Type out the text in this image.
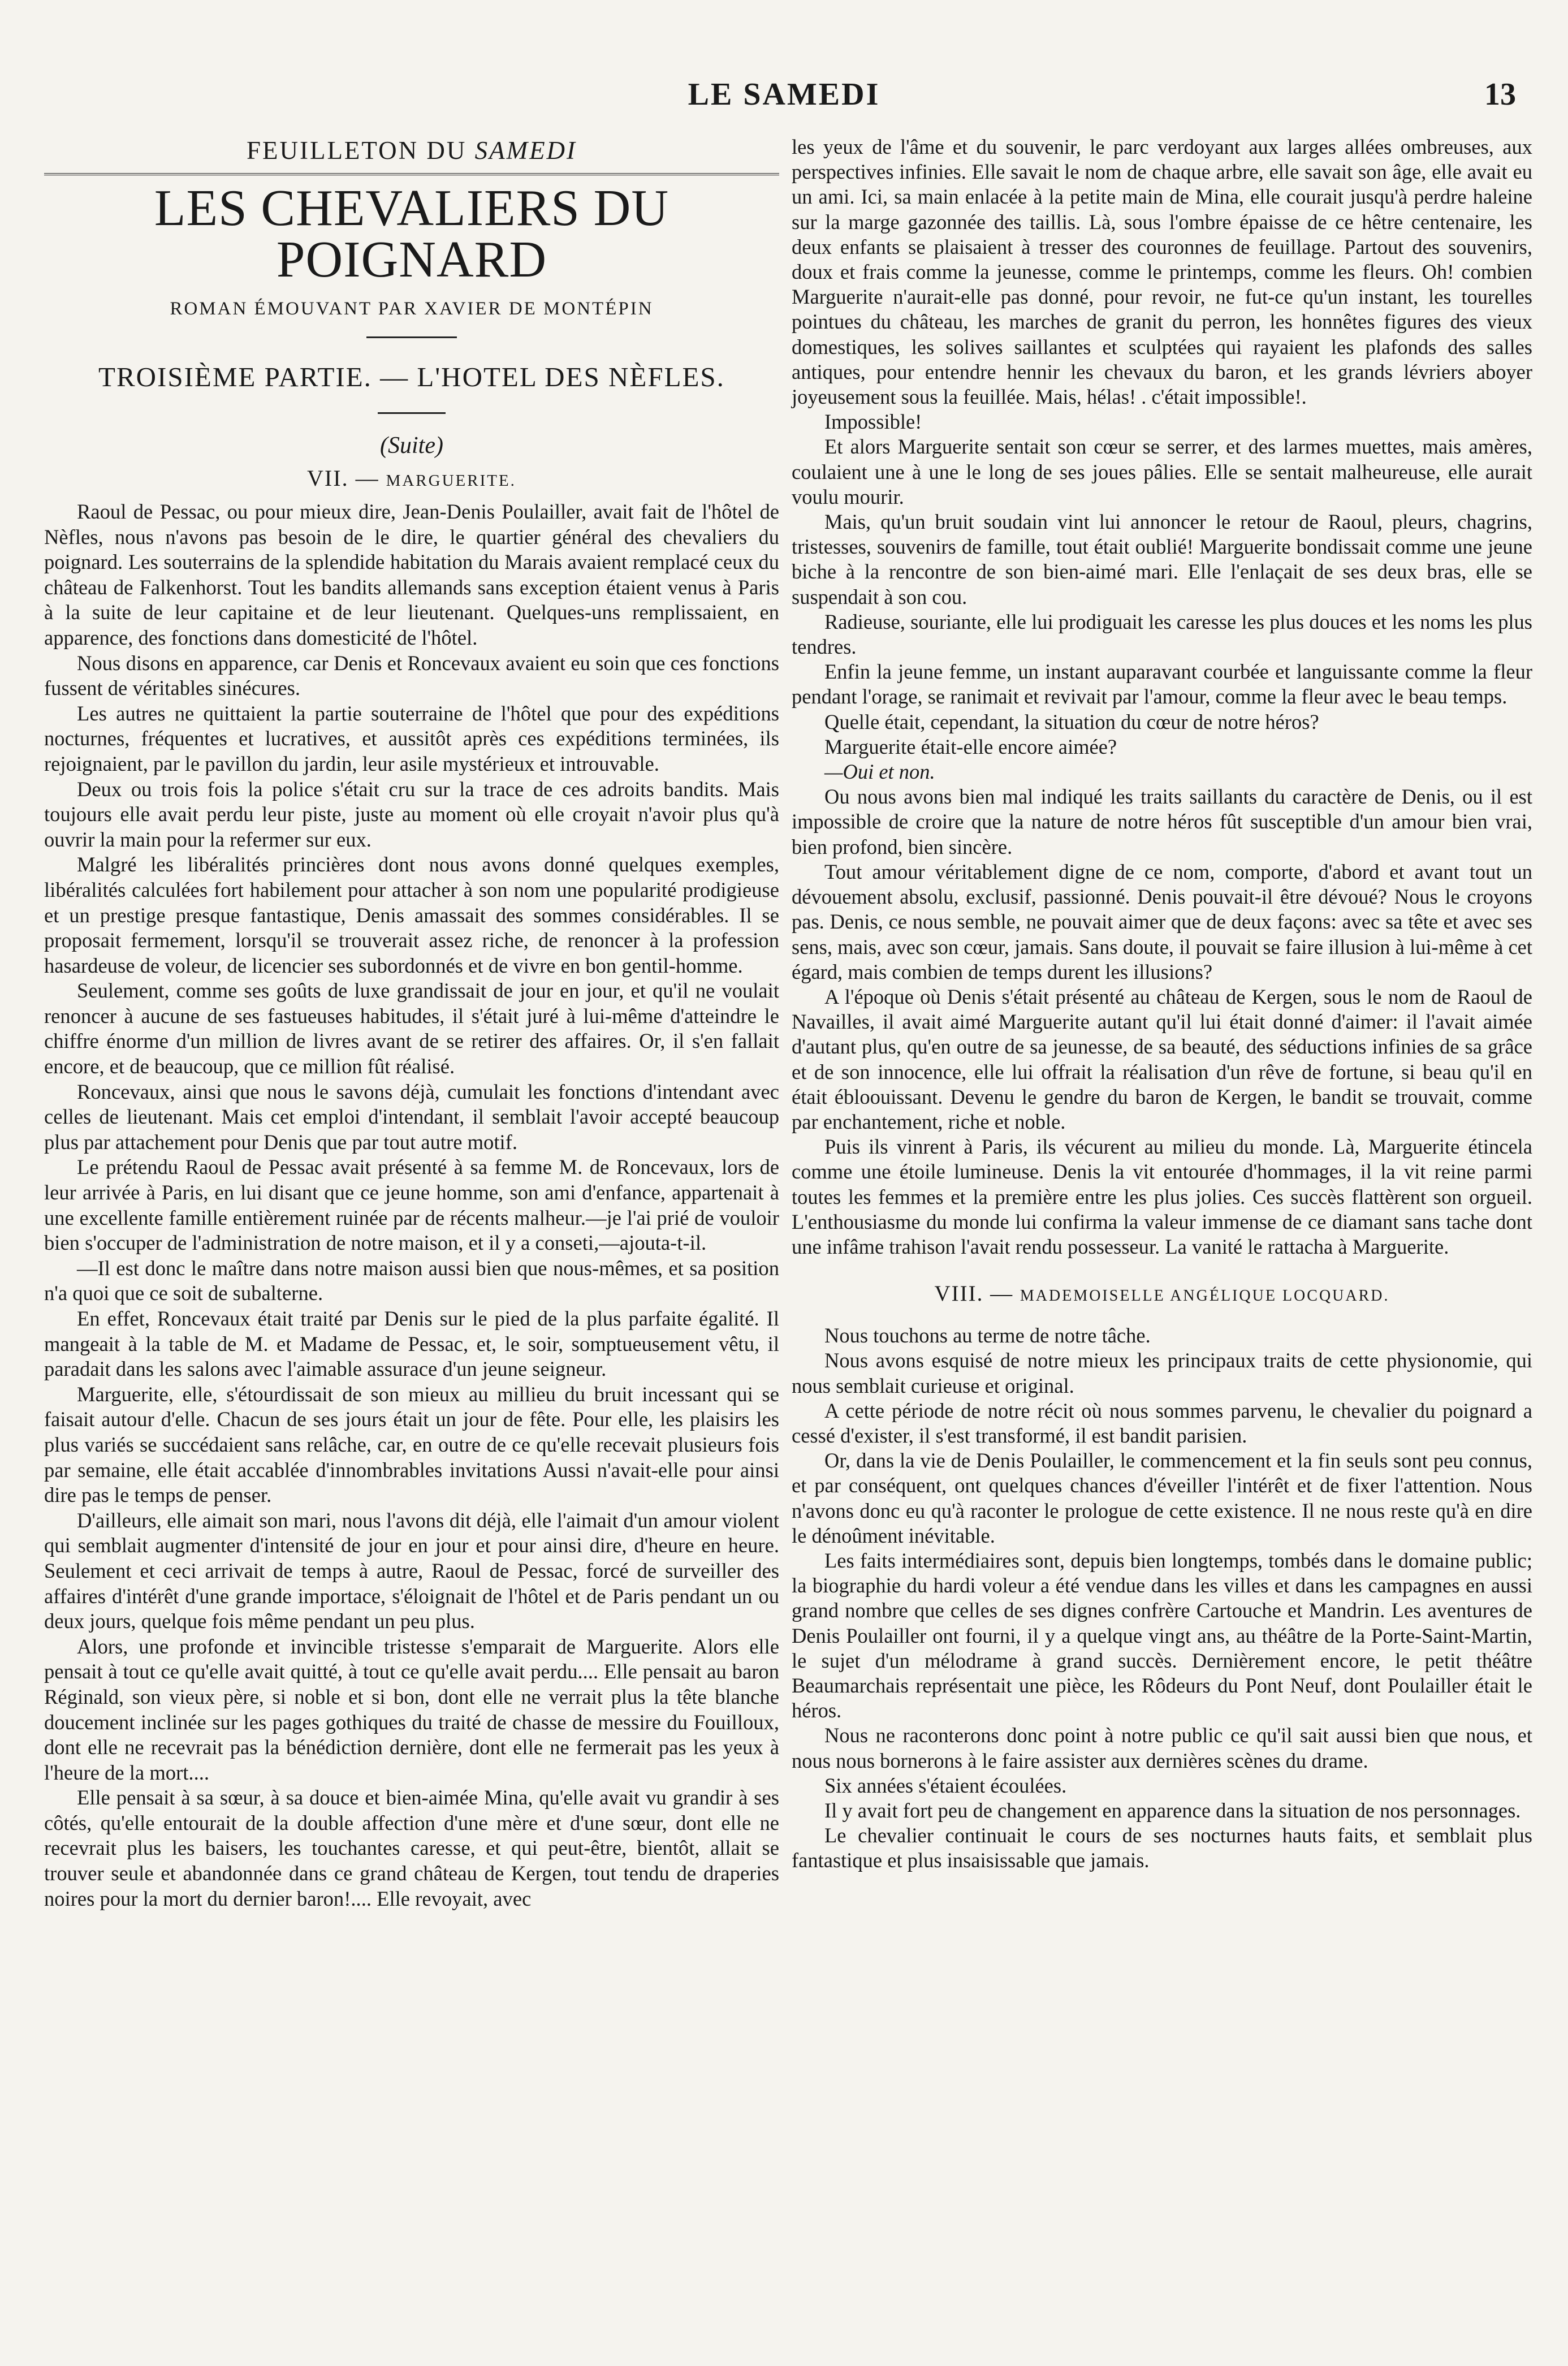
LE SAMEDI	13
FEUILLETON DU SAMEDI
LES CHEVALIERS DU POIGNARD
ROMAN ÉMOUVANT PAR XAVIER DE MONTÉPIN
TROISIÈME PARTIE. — L'HOTEL DES NÈFLES.
(Suite)
VII. — MARGUERITE.

Raoul de Pessac, ou pour mieux dire, Jean-Denis Poulailler, avait fait de l'hôtel de Nèfles, nous n'avons pas besoin de le dire, le quartier général des chevaliers du poignard. Les souterrains de la splendide habitation du Marais avaient remplacé ceux du château de Falkenhorst. Tout les bandits allemands sans exception étaient venus à Paris à la suite de leur capitaine et de leur lieutenant. Quelques-uns remplissaient, en apparence, des fonctions dans domesticité de l'hôtel.

Nous disons en apparence, car Denis et Roncevaux avaient eu soin que ces fonctions fussent de véritables sinécures.

Les autres ne quittaient la partie souterraine de l'hôtel que pour des expéditions nocturnes, fréquentes et lucratives, et aussitôt après ces expéditions terminées, ils rejoignaient, par le pavillon du jardin, leur asile mystérieux et introuvable.

Deux ou trois fois la police s'était cru sur la trace de ces adroits bandits. Mais toujours elle avait perdu leur piste, juste au moment où elle croyait n'avoir plus qu'à ouvrir la main pour la refermer sur eux.

Malgré les libéralités princières dont nous avons donné quelques exemples, libéralités calculées fort habilement pour attacher à son nom une popularité prodigieuse et un prestige presque fantastique, Denis amassait des sommes considérables. Il se proposait fermement, lorsqu'il se trouverait assez riche, de renoncer à la profession hasardeuse de voleur, de licencier ses subordonnés et de vivre en bon gentil-homme.

Seulement, comme ses goûts de luxe grandissait de jour en jour, et qu'il ne voulait renoncer à aucune de ses fastueuses habitudes, il s'était juré à lui-même d'atteindre le chiffre énorme d'un million de livres avant de se retirer des affaires. Or, il s'en fallait encore, et de beaucoup, que ce million fût réalisé.

Roncevaux, ainsi que nous le savons déjà, cumulait les fonctions d'intendant avec celles de lieutenant. Mais cet emploi d'intendant, il semblait l'avoir accepté beaucoup plus par attachement pour Denis que par tout autre motif.

Le prétendu Raoul de Pessac avait présenté à sa femme M. de Roncevaux, lors de leur arrivée à Paris, en lui disant que ce jeune homme, son ami d'enfance, appartenait à une excellente famille entièrement ruinée par de récents malheur.—je l'ai prié de vouloir bien s'occuper de l'administration de notre maison, et il y a conseti,—ajouta-t-il.

—Il est donc le maître dans notre maison aussi bien que nous-mêmes, et sa position n'a quoi que ce soit de subalterne.

En effet, Roncevaux était traité par Denis sur le pied de la plus parfaite égalité. Il mangeait à la table de M. et Madame de Pessac, et, le soir, somptueusement vêtu, il paradait dans les salons avec l'aimable assurace d'un jeune seigneur.

Marguerite, elle, s'étourdissait de son mieux au millieu du bruit incessant qui se faisait autour d'elle. Chacun de ses jours était un jour de fête. Pour elle, les plaisirs les plus variés se succédaient sans relâche, car, en outre de ce qu'elle recevait plusieurs fois par semaine, elle était accablée d'innombrables invitations Aussi n'avait-elle pour ainsi dire pas le temps de penser.

D'ailleurs, elle aimait son mari, nous l'avons dit déjà, elle l'aimait d'un amour violent qui semblait augmenter d'intensité de jour en jour et pour ainsi dire, d'heure en heure. Seulement et ceci arrivait de temps à autre, Raoul de Pessac, forcé de surveiller des affaires d'intérêt d'une grande importace, s'éloignait de l'hôtel et de Paris pendant un ou deux jours, quelque fois même pendant un peu plus.

Alors, une profonde et invincible tristesse s'emparait de Marguerite. Alors elle pensait à tout ce qu'elle avait quitté, à tout ce qu'elle avait perdu.... Elle pensait au baron Réginald, son vieux père, si noble et si bon, dont elle ne verrait plus la tête blanche doucement inclinée sur les pages gothiques du traité de chasse de messire du Fouilloux, dont elle ne recevrait pas la bénédiction dernière, dont elle ne fermerait pas les yeux à l'heure de la mort....

Elle pensait à sa sœur, à sa douce et bien-aimée Mina, qu'elle avait vu grandir à ses côtés, qu'elle entourait de la double affection d'une mère et d'une sœur, dont elle ne recevrait plus les baisers, les touchantes caresse, et qui peut-être, bientôt, allait se trouver seule et abandonnée dans ce grand château de Kergen, tout tendu de draperies noires pour la mort du dernier baron!.... Elle revoyait, avec

les yeux de l'âme et du souvenir, le parc verdoyant aux larges allées ombreuses, aux perspectives infinies. Elle savait le nom de chaque arbre, elle savait son âge, elle avait eu un ami. Ici, sa main enlacée à la petite main de Mina, elle courait jusqu'à perdre haleine sur la marge gazonnée des taillis. Là, sous l'ombre épaisse de ce hêtre centenaire, les deux enfants se plaisaient à tresser des couronnes de feuillage. Partout des souvenirs, doux et frais comme la jeunesse, comme le printemps, comme les fleurs. Oh! combien Marguerite n'aurait-elle pas donné, pour revoir, ne fut-ce qu'un instant, les tourelles pointues du château, les marches de granit du perron, les honnêtes figures des vieux domestiques, les solives saillantes et sculptées qui rayaient les plafonds des salles antiques, pour entendre hennir les chevaux du baron, et les grands lévriers aboyer joyeusement sous la feuillée. Mais, hélas! . c'était impossible!.

Impossible!

Et alors Marguerite sentait son cœur se serrer, et des larmes muettes, mais amères, coulaient une à une le long de ses joues pâlies. Elle se sentait malheureuse, elle aurait voulu mourir.

Mais, qu'un bruit soudain vint lui annoncer le retour de Raoul, pleurs, chagrins, tristesses, souvenirs de famille, tout était oublié! Marguerite bondissait comme une jeune biche à la rencontre de son bien-aimé mari. Elle l'enlaçait de ses deux bras, elle se suspendait à son cou.

Radieuse, souriante, elle lui prodiguait les caresse les plus douces et les noms les plus tendres.

Enfin la jeune femme, un instant auparavant courbée et languissante comme la fleur pendant l'orage, se ranimait et revivait par l'amour, comme la fleur avec le beau temps.

Quelle était, cependant, la situation du cœur de notre héros?

Marguerite était-elle encore aimée?

—Oui et non.

Ou nous avons bien mal indiqué les traits saillants du caractère de Denis, ou il est impossible de croire que la nature de notre héros fût susceptible d'un amour bien vrai, bien profond, bien sincère.

Tout amour véritablement digne de ce nom, comporte, d'abord et avant tout un dévouement absolu, exclusif, passionné. Denis pouvait-il être dévoué? Nous le croyons pas. Denis, ce nous semble, ne pouvait aimer que de deux façons: avec sa tête et avec ses sens, mais, avec son cœur, jamais. Sans doute, il pouvait se faire illusion à lui-même à cet égard, mais combien de temps durent les illusions?

A l'époque où Denis s'était présenté au château de Kergen, sous le nom de Raoul de Navailles, il avait aimé Marguerite autant qu'il lui était donné d'aimer: il l'avait aimée d'autant plus, qu'en outre de sa jeunesse, de sa beauté, des séductions infinies de sa grâce et de son innocence, elle lui offrait la réalisation d'un rêve de fortune, si beau qu'il en était ébloouissant. Devenu le gendre du baron de Kergen, le bandit se trouvait, comme par enchantement, riche et noble.

Puis ils vinrent à Paris, ils vécurent au milieu du monde. Là, Marguerite étincela comme une étoile lumineuse. Denis la vit entourée d'hommages, il la vit reine parmi toutes les femmes et la première entre les plus jolies. Ces succès flattèrent son orgueil. L'enthousiasme du monde lui confirma la valeur immense de ce diamant sans tache dont une infâme trahison l'avait rendu possesseur. La vanité le rattacha à Marguerite.

VIII. — MADEMOISELLE ANGÉLIQUE LOCQUARD.

Nous touchons au terme de notre tâche.

Nous avons esquisé de notre mieux les principaux traits de cette physionomie, qui nous semblait curieuse et original.

A cette période de notre récit où nous sommes parvenu, le chevalier du poignard a cessé d'exister, il s'est transformé, il est bandit parisien.

Or, dans la vie de Denis Poulailler, le commencement et la fin seuls sont peu connus, et par conséquent, ont quelques chances d'éveiller l'intérêt et de fixer l'attention. Nous n'avons donc eu qu'à raconter le prologue de cette existence. Il ne nous reste qu'à en dire le dénoûment inévitable.

Les faits intermédiaires sont, depuis bien longtemps, tombés dans le domaine public; la biographie du hardi voleur a été vendue dans les villes et dans les campagnes en aussi grand nombre que celles de ses dignes confrère Cartouche et Mandrin. Les aventures de Denis Poulailler ont fourni, il y a quelque vingt ans, au théâtre de la Porte-Saint-Martin, le sujet d'un mélodrame à grand succès. Dernièrement encore, le petit théâtre Beaumarchais représentait une pièce, les Rôdeurs du Pont Neuf, dont Poulailler était le héros.

Nous ne raconterons donc point à notre public ce qu'il sait aussi bien que nous, et nous nous bornerons à le faire assister aux dernières scènes du drame.

Six années s'étaient écoulées.

Il y avait fort peu de changement en apparence dans la situation de nos personnages.

Le chevalier continuait le cours de ses nocturnes hauts faits, et semblait plus fantastique et plus insaisissable que jamais.
